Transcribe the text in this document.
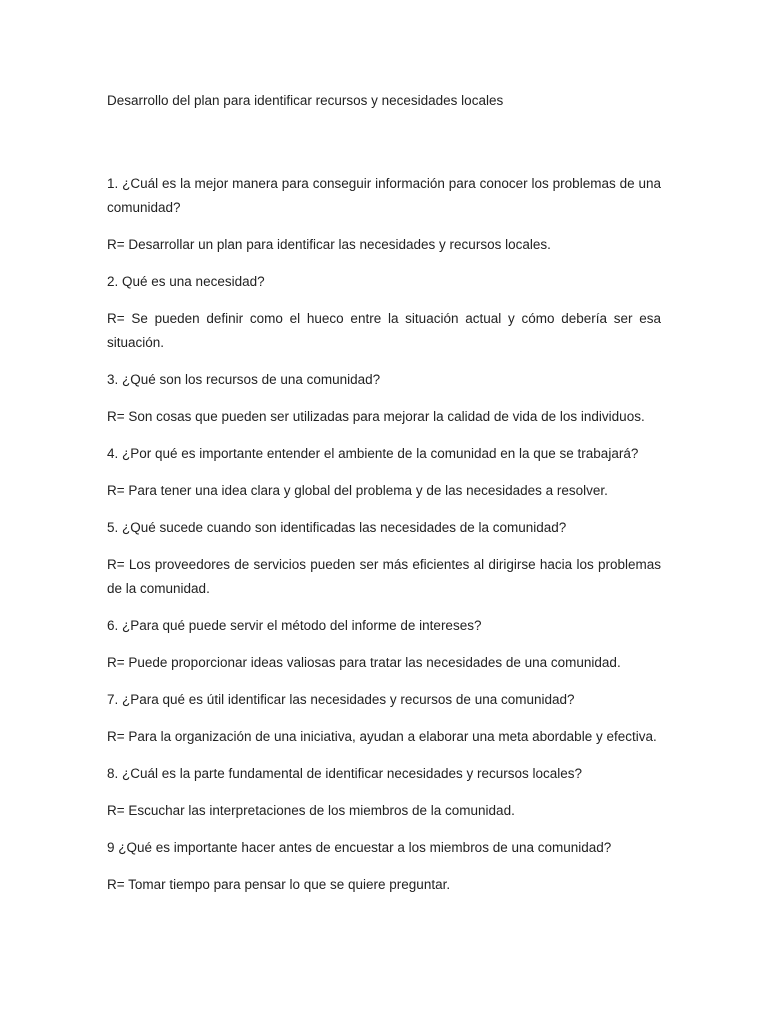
Desarrollo del plan para identificar recursos y necesidades locales

1. ¿Cuál es la mejor manera para conseguir información para conocer los problemas de una comunidad?

R= Desarrollar un plan para identificar las necesidades y recursos locales.

2. Qué es una necesidad?

R= Se pueden definir como el hueco entre la situación actual y cómo debería ser esa situación.

3. ¿Qué son los recursos de una comunidad?

R= Son cosas que pueden ser utilizadas para mejorar la calidad de vida de los individuos.

4. ¿Por qué es importante entender el ambiente de la comunidad en la que se trabajará?

R= Para tener una idea clara y global del problema y de las necesidades a resolver.

5. ¿Qué sucede cuando son identificadas las necesidades de la comunidad?

R= Los proveedores de servicios pueden ser más eficientes al dirigirse hacia los problemas de la comunidad.

6. ¿Para qué puede servir el método del informe de intereses?

R= Puede proporcionar ideas valiosas para tratar las necesidades de una comunidad.

7. ¿Para qué es útil identificar las necesidades y recursos de una comunidad?

R= Para la organización de una iniciativa, ayudan a elaborar una meta abordable y efectiva.

8. ¿Cuál es la parte fundamental de identificar necesidades y recursos locales?

R= Escuchar las interpretaciones de los miembros de la comunidad.

9 ¿Qué es importante hacer antes de encuestar a los miembros de una comunidad?

R= Tomar tiempo para pensar lo que se quiere preguntar.
